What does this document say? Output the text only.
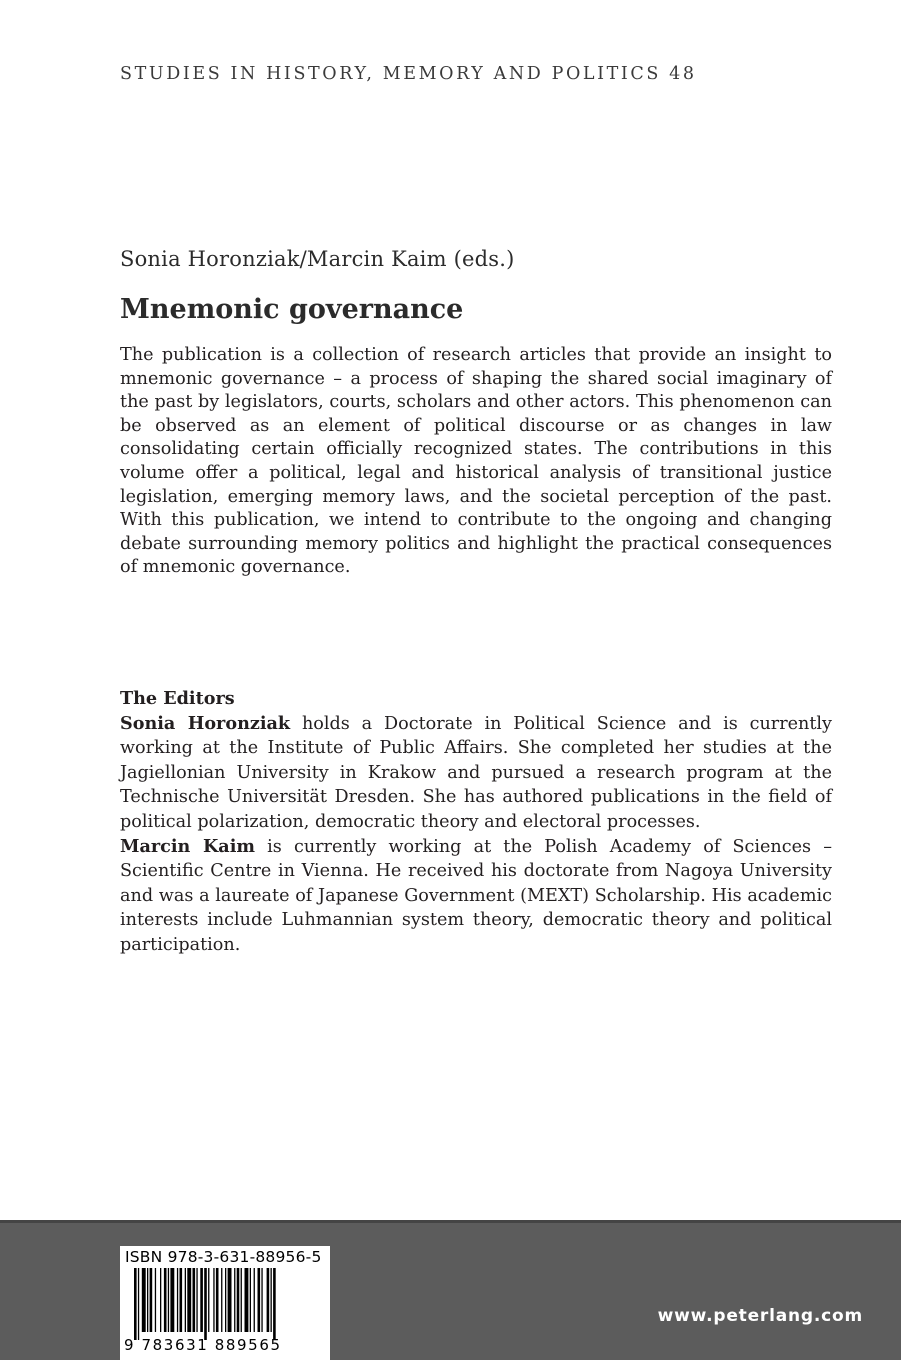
STUDIES IN HISTORY, MEMORY AND POLITICS 48
Sonia Horonziak/Marcin Kaim (eds.)
Mnemonic governance

The publication is a collection of research articles that provide an insight to mnemonic governance – a process of shaping the shared social imaginary of the past by legislators, courts, scholars and other actors. This phenomenon can be observed as an element of political discourse or as changes in law consolidating certain officially recognized states. The contributions in this volume offer a political, legal and historical analysis of transitional justice legislation, emerging memory laws, and the societal perception of the past. With this publication, we intend to contribute to the ongoing and changing debate surrounding memory politics and highlight the practical consequences of mnemonic governance.

The Editors

Sonia Horonziak holds a Doctorate in Political Science and is currently working at the Institute of Public Affairs. She completed her studies at the Jagiellonian University in Krakow and pursued a research program at the Technische Universität Dresden. She has authored publications in the field of political polarization, democratic theory and electoral processes.

Marcin Kaim is currently working at the Polish Academy of Sciences – Scientific Centre in Vienna. He received his doctorate from Nagoya University and was a laureate of Japanese Government (MEXT) Scholarship. His academic interests include Luhmannian system theory, democratic theory and political participation.

ISBN 978-3-631-88956-5
9 783631 889565
www.peterlang.com
